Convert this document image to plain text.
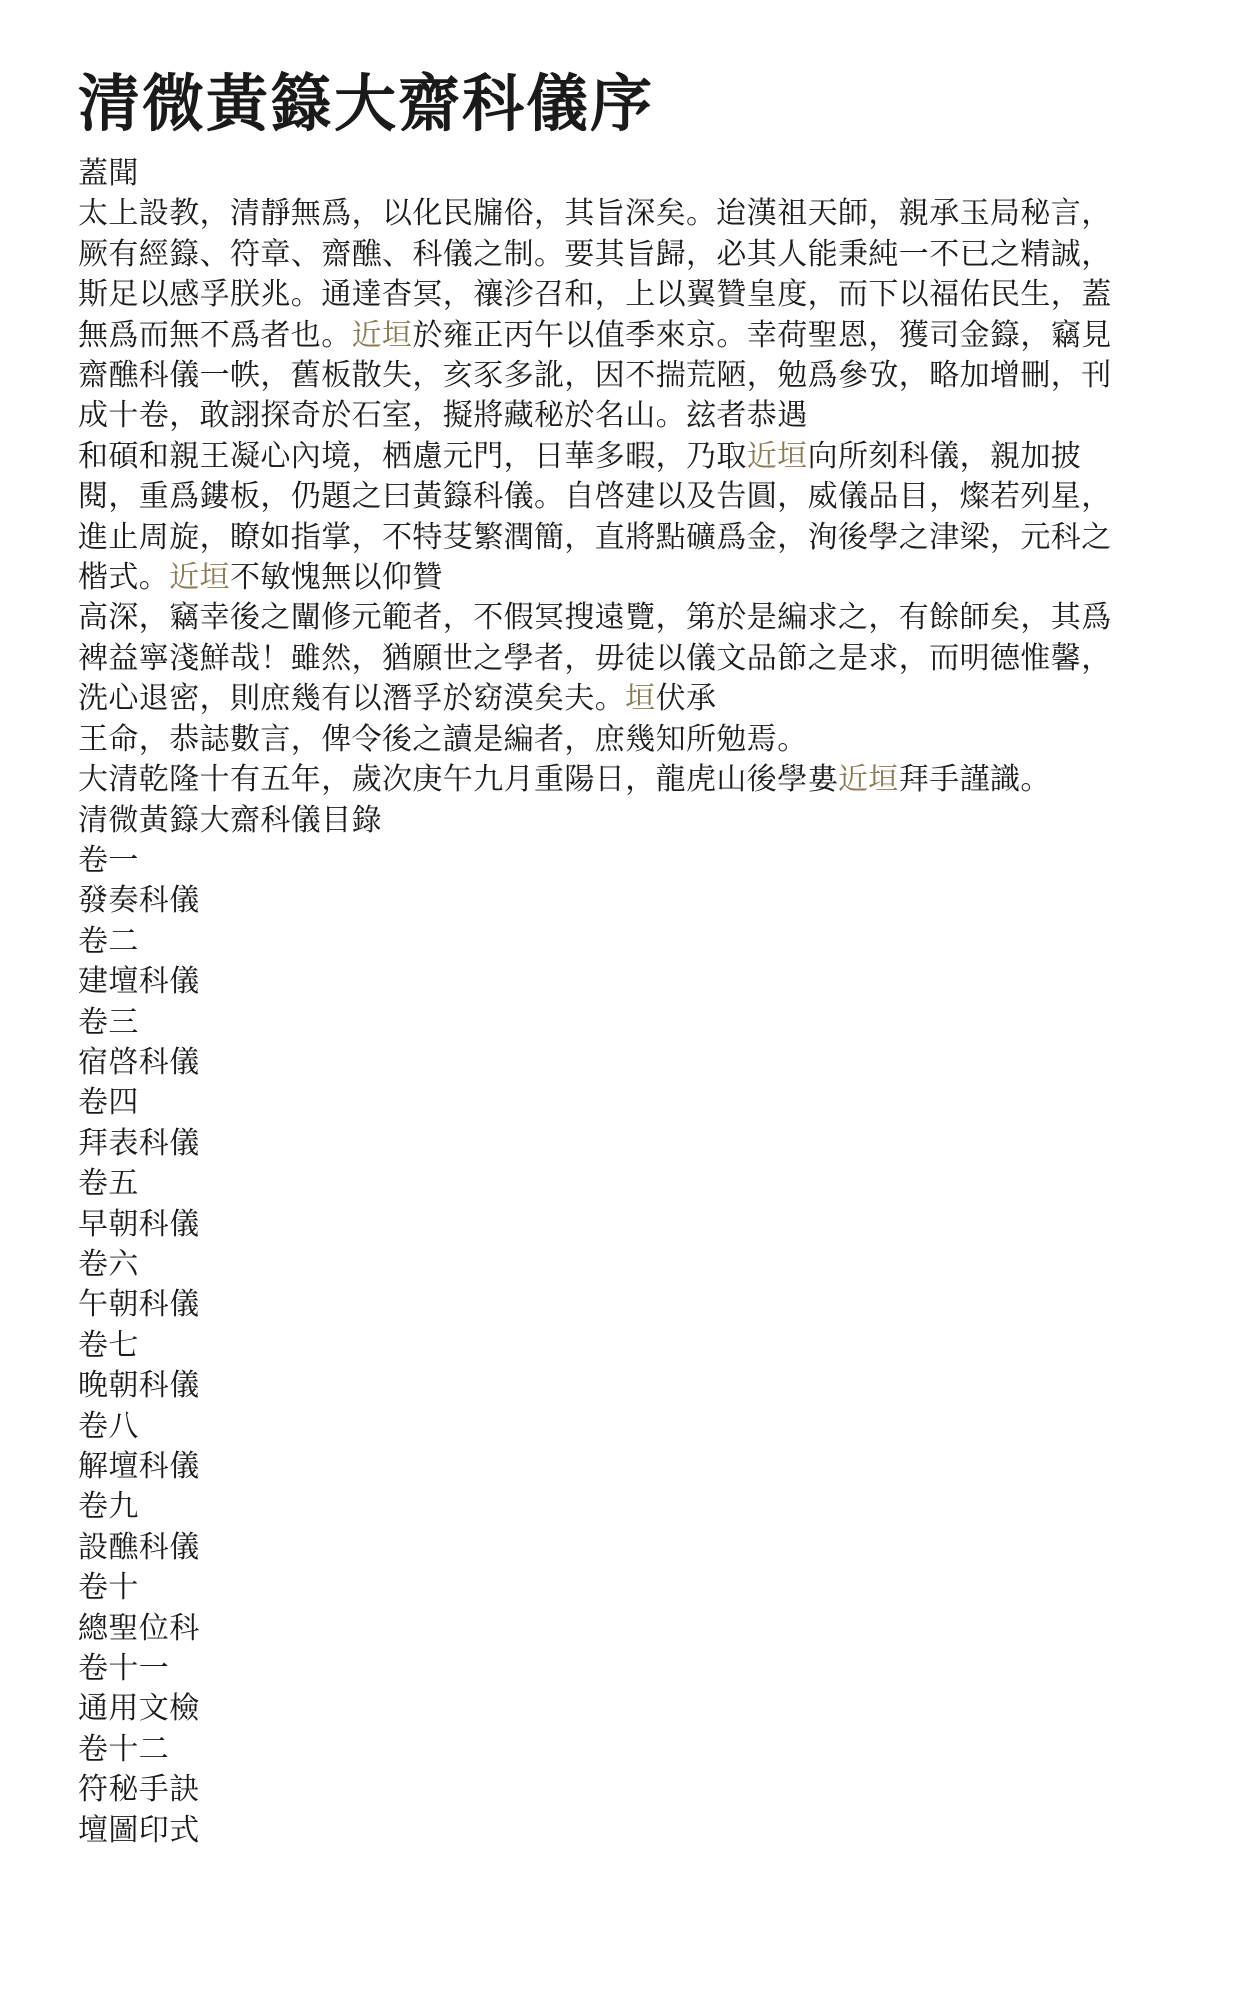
清微黃籙大齋科儀序
蓋聞
太上設教，清靜無爲，以化民牖俗，其旨深矣。迨漢祖天師，親承玉局秘言，
厥有經籙、符章、齋醮、科儀之制。要其旨歸，必其人能秉純一不已之精誠，
斯足以感孚朕兆。通達杳冥，禳沴召和，上以翼贊皇度，而下以福佑民生，蓋
無爲而無不爲者也。近垣於雍正丙午以值季來京。幸荷聖恩，獲司金籙，竊見
齋醮科儀一帙，舊板散失，亥豕多訛，因不揣荒陋，勉爲參攷，略加增刪，刊
成十卷，敢詡探奇於石室，擬將藏秘於名山。玆者恭遇
和碩和親王凝心內境，栖慮元門，日華多暇，乃取近垣向所刻科儀，親加披
閱，重爲鏤板，仍題之曰黃籙科儀。自啓建以及告圓，威儀品目，燦若列星，
進止周旋，瞭如指掌，不特芟繁潤簡，直將點礦爲金，洵後學之津梁，元科之
楷式。近垣不敏愧無以仰贊
高深，竊幸後之闡修元範者，不假冥搜遠覽，第於是編求之，有餘師矣，其爲
裨益寧淺鮮哉！雖然，猶願世之學者，毋徒以儀文品節之是求，而明德惟馨，
洗心退密，則庶幾有以潛孚於窈漠矣夫。垣伏承
王命，恭誌數言，俾令後之讀是編者，庶幾知所勉焉。
大清乾隆十有五年，歲次庚午九月重陽日，龍虎山後學婁近垣拜手謹識。
清微黃籙大齋科儀目錄
卷一
發奏科儀
卷二
建壇科儀
卷三
宿啓科儀
卷四
拜表科儀
卷五
早朝科儀
卷六
午朝科儀
卷七
晚朝科儀
卷八
解壇科儀
卷九
設醮科儀
卷十
總聖位科
卷十一
通用文檢
卷十二
符秘手訣
壇圖印式
